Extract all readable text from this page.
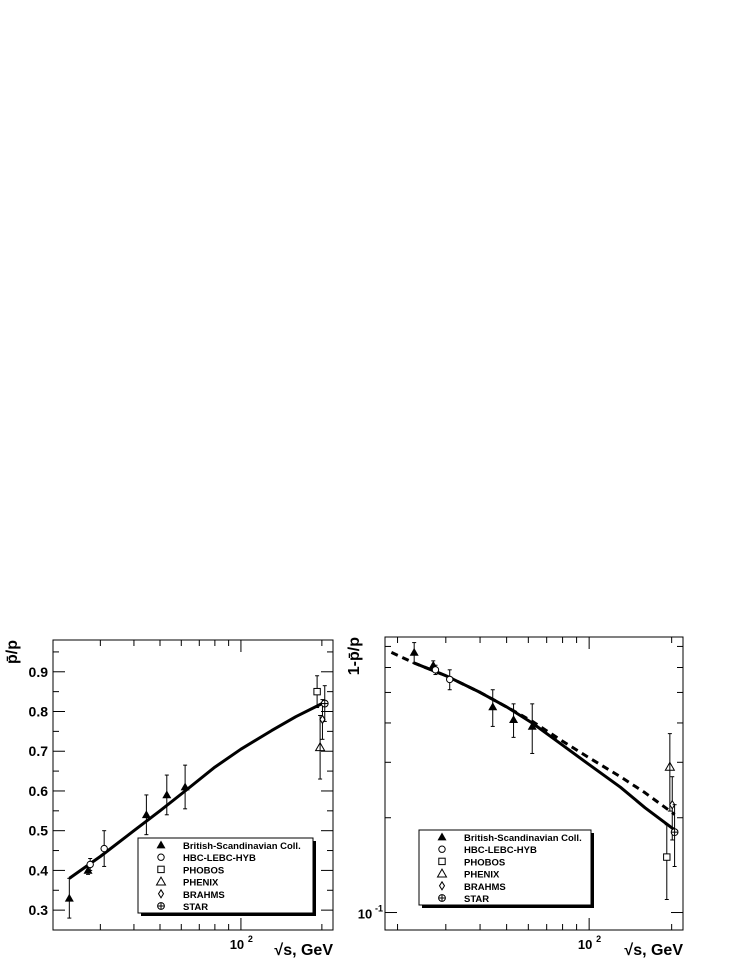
10 2
√s, GeV
0.3
0.4
0.5
0.6
0.7
0.8
0.9
p̄/p
British-Scandinavian Coll.
HBC-LEBC-HYB
PHOBOS
PHENIX
BRAHMS
STAR
10 2
√s, GeV
10 -1
1-p̄/p
British-Scandinavian Coll.
HBC-LEBC-HYB
PHOBOS
PHENIX
BRAHMS
STAR
